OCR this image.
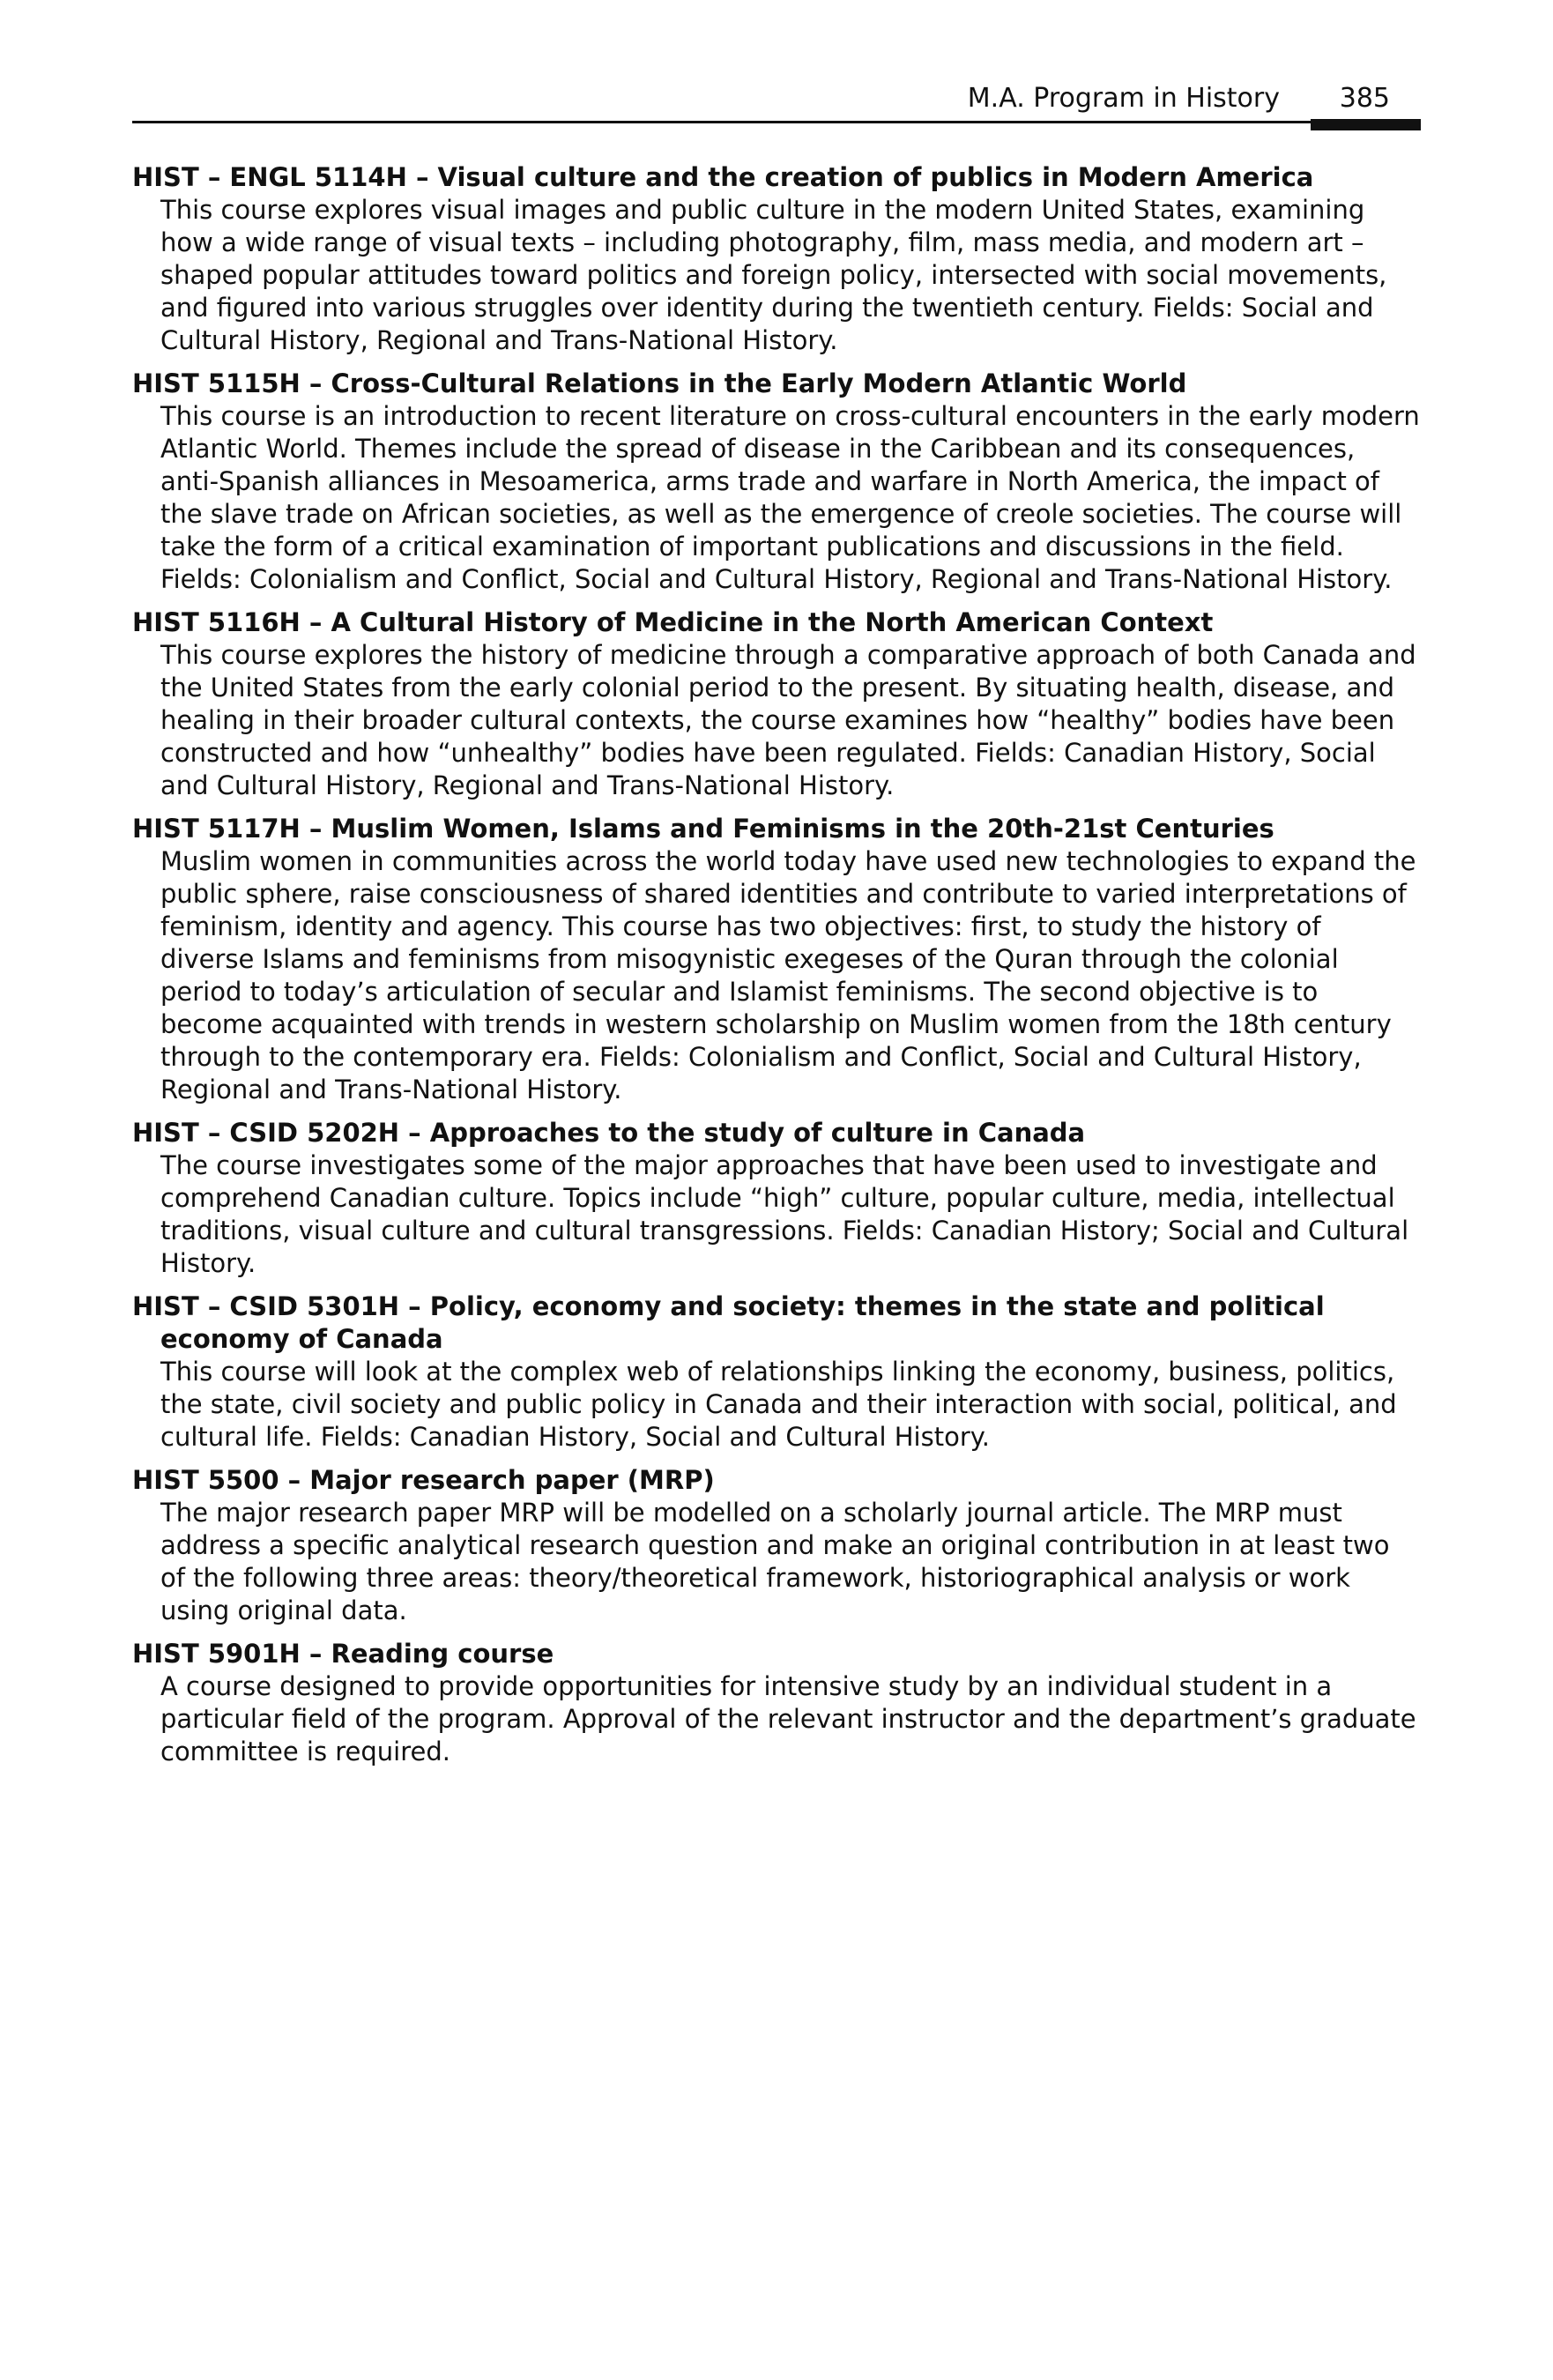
M.A. Program in History 385
HIST – ENGL 5114H – Visual culture and the creation of publics in Modern America
This course explores visual images and public culture in the modern United States, examining how a wide range of visual texts – including photography, film, mass media, and modern art – shaped popular attitudes toward politics and foreign policy, intersected with social movements, and figured into various struggles over identity during the twentieth century. Fields: Social and Cultural History, Regional and Trans-National History.
HIST 5115H – Cross-Cultural Relations in the Early Modern Atlantic World
This course is an introduction to recent literature on cross-cultural encounters in the early modern Atlantic World. Themes include the spread of disease in the Caribbean and its consequences, anti-Spanish alliances in Mesoamerica, arms trade and warfare in North America, the impact of the slave trade on African societies, as well as the emergence of creole societies. The course will take the form of a critical examination of important publications and discussions in the field. Fields: Colonialism and Conflict, Social and Cultural History, Regional and Trans-National History.
HIST 5116H – A Cultural History of Medicine in the North American Context
This course explores the history of medicine through a comparative approach of both Canada and the United States from the early colonial period to the present. By situating health, disease, and healing in their broader cultural contexts, the course examines how “healthy” bodies have been constructed and how “unhealthy” bodies have been regulated. Fields: Canadian History, Social and Cultural History, Regional and Trans-National History.
HIST 5117H – Muslim Women, Islams and Feminisms in the 20th-21st Centuries
Muslim women in communities across the world today have used new technologies to expand the public sphere, raise consciousness of shared identities and contribute to varied interpretations of feminism, identity and agency. This course has two objectives: first, to study the history of diverse Islams and feminisms from misogynistic exegeses of the Quran through the colonial period to today’s articulation of secular and Islamist feminisms. The second objective is to become acquainted with trends in western scholarship on Muslim women from the 18th century through to the contemporary era. Fields: Colonialism and Conflict, Social and Cultural History, Regional and Trans-National History.
HIST – CSID 5202H – Approaches to the study of culture in Canada
The course investigates some of the major approaches that have been used to investigate and comprehend Canadian culture. Topics include “high” culture, popular culture, media, intellectual traditions, visual culture and cultural transgressions. Fields: Canadian History; Social and Cultural History.
HIST – CSID 5301H – Policy, economy and society: themes in the state and political economy of Canada
This course will look at the complex web of relationships linking the economy, business, politics, the state, civil society and public policy in Canada and their interaction with social, political, and cultural life. Fields: Canadian History, Social and Cultural History.
HIST 5500 – Major research paper (MRP)
The major research paper MRP will be modelled on a scholarly journal article. The MRP must address a specific analytical research question and make an original contribution in at least two of the following three areas: theory/theoretical framework, historiographical analysis or work using original data.
HIST 5901H – Reading course
A course designed to provide opportunities for intensive study by an individual student in a particular field of the program. Approval of the relevant instructor and the department’s graduate committee is required.
